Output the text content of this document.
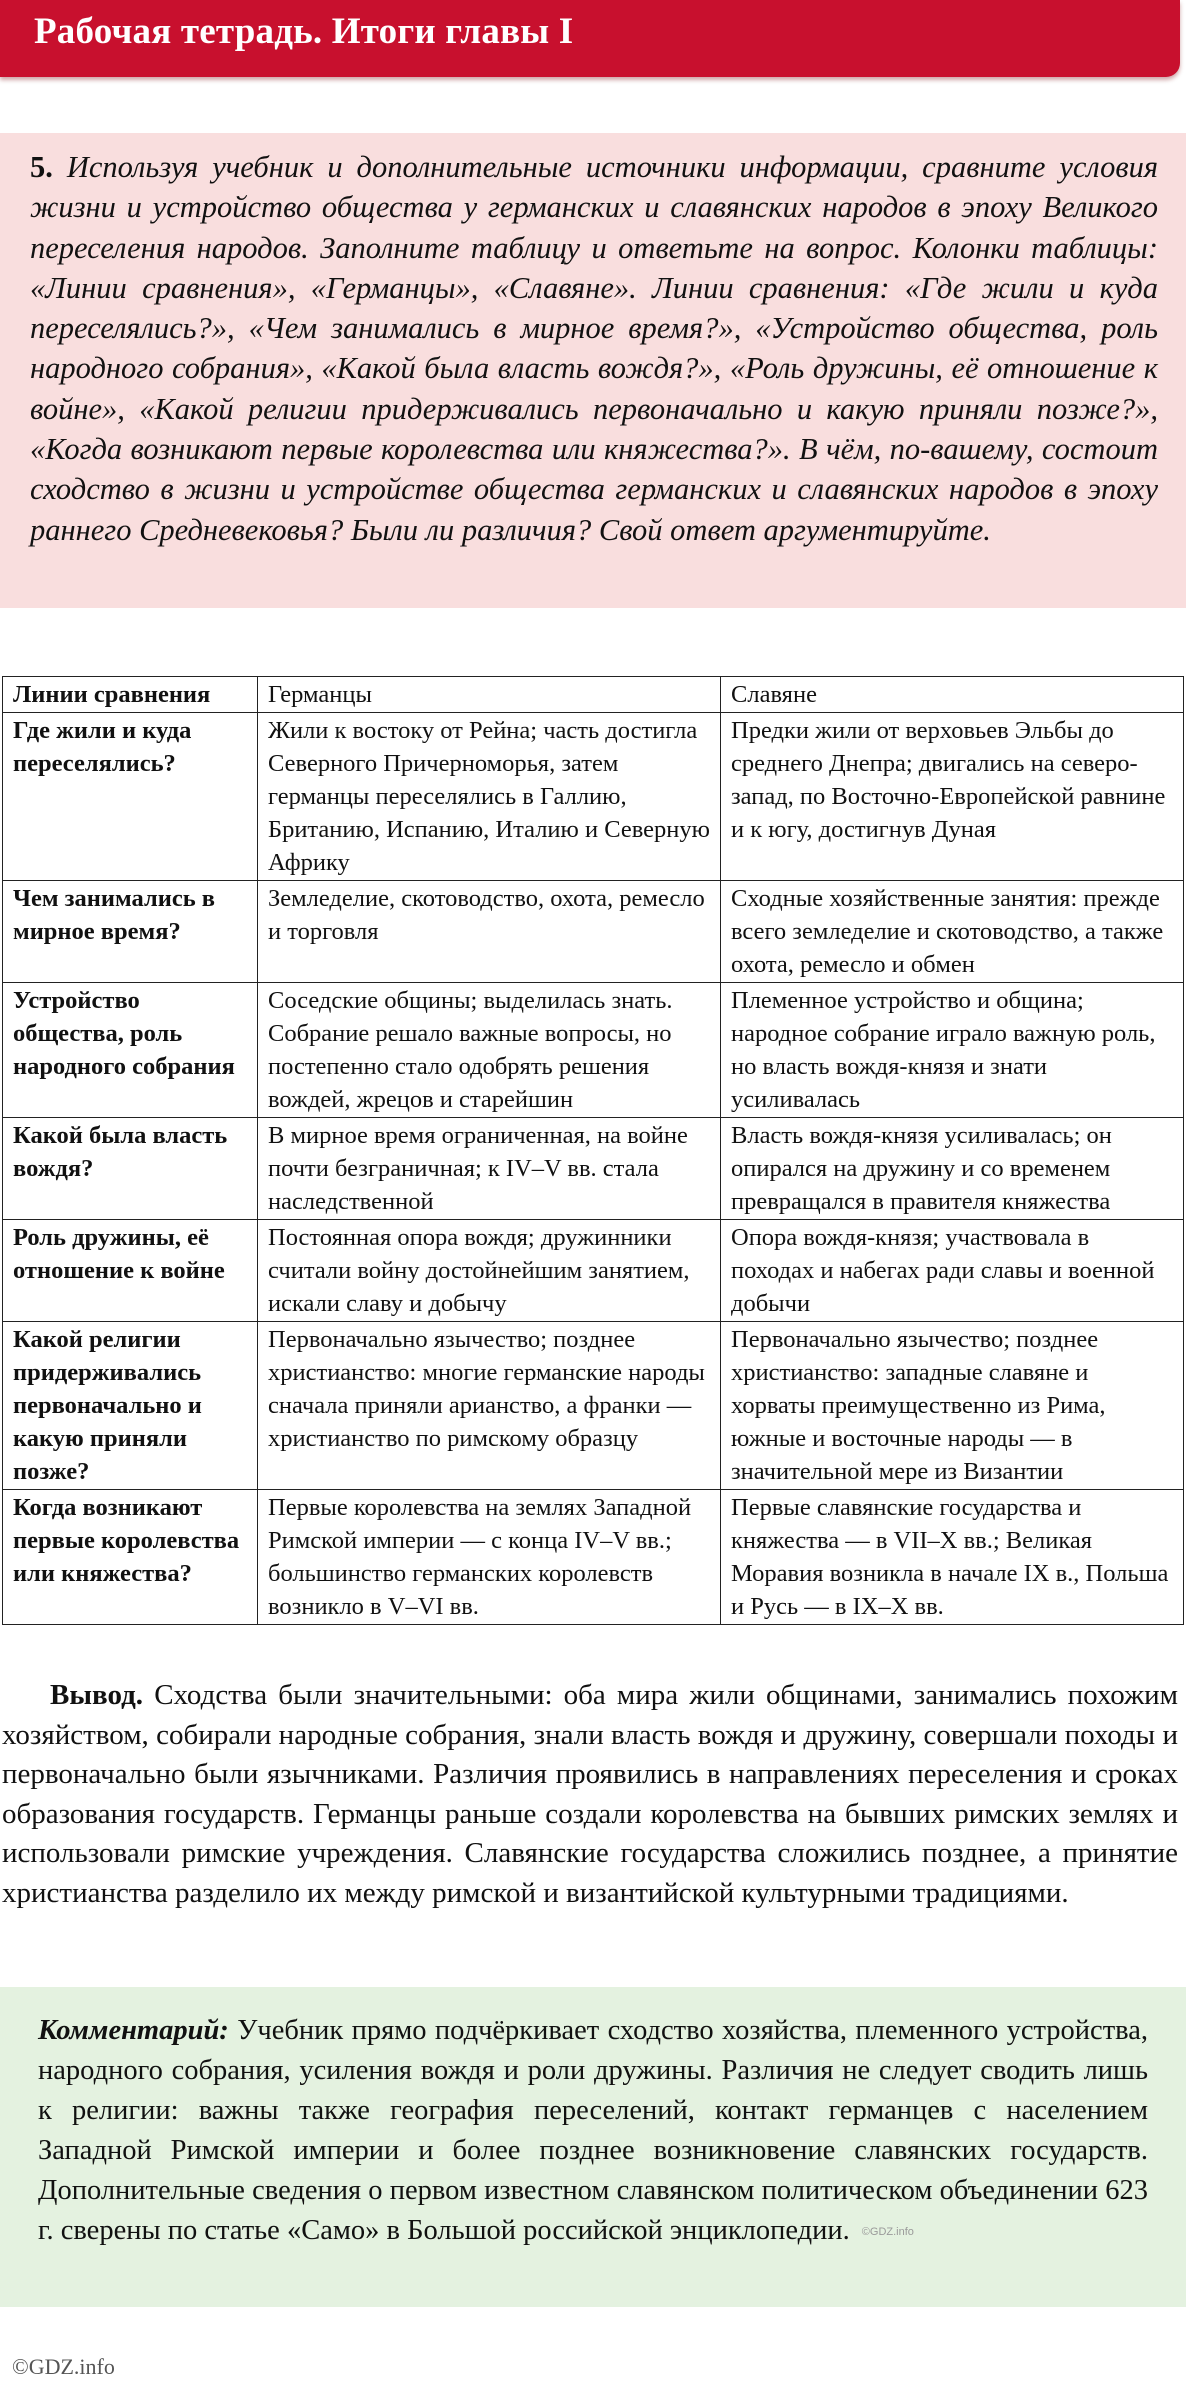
Рабочая тетрадь. Итоги главы I

5. Используя учебник и дополнительные источники информации, сравните условия жизни и устройство общества у германских и славянских народов в эпоху Великого переселения народов. Заполните таблицу и ответьте на вопрос. Колонки таблицы: «Линии сравнения», «Германцы», «Славяне». Линии сравнения: «Где жили и куда переселялись?», «Чем занимались в мирное время?», «Устройство общества, роль народного собрания», «Какой была власть вождя?», «Роль дружины, её отношение к войне», «Какой религии придерживались первоначально и какую приняли позже?», «Когда возникают первые королевства или княжества?». В чём, по-вашему, состоит сходство в жизни и устройстве общества германских и славянских народов в эпоху раннего Средневековья? Были ли различия? Свой ответ аргументируйте.

Линии сравнения	Германцы	Славяне
Где жили и куда переселялись?	Жили к востоку от Рейна; часть достигла Северного Причерноморья, затем германцы переселялись в Галлию, Британию, Испанию, Италию и Северную Африку	Предки жили от верховьев Эльбы до среднего Днепра; двигались на северо-запад, по Восточно-Европейской равнине и к югу, достигнув Дуная
Чем занимались в мирное время?	Земледелие, скотоводство, охота, ремесло и торговля	Сходные хозяйственные занятия: прежде всего земледелие и скотоводство, а также охота, ремесло и обмен
Устройство общества, роль народного собрания	Соседские общины; выделилась знать. Собрание решало важные вопросы, но постепенно стало одобрять решения вождей, жрецов и старейшин	Племенное устройство и община; народное собрание играло важную роль, но власть вождя-князя и знати усиливалась
Какой была власть вождя?	В мирное время ограниченная, на войне почти безграничная; к IV–V вв. стала наследственной	Власть вождя-князя усиливалась; он опирался на дружину и со временем превращался в правителя княжества
Роль дружины, её отношение к войне	Постоянная опора вождя; дружинники считали войну достойнейшим занятием, искали славу и добычу	Опора вождя-князя; участвовала в походах и набегах ради славы и военной добычи
Какой религии придерживались первоначально и какую приняли позже?	Первоначально язычество; позднее христианство: многие германские народы сначала приняли арианство, а франки — христианство по римскому образцу	Первоначально язычество; позднее христианство: западные славяне и хорваты преимущественно из Рима, южные и восточные народы — в значительной мере из Византии
Когда возникают первые королевства или княжества?	Первые королевства на землях Западной Римской империи — с конца IV–V вв.; большинство германских королевств возникло в V–VI вв.	Первые славянские государства и княжества — в VII–X вв.; Великая Моравия возникла в начале IX в., Польша и Русь — в IX–X вв.

Вывод. Сходства были значительными: оба мира жили общинами, занимались похожим хозяйством, собирали народные собрания, знали власть вождя и дружину, совершали походы и первоначально были язычниками. Различия проявились в направлениях переселения и сроках образования государств. Германцы раньше создали королевства на бывших римских землях и использовали римские учреждения. Славянские государства сложились позднее, а принятие христианства разделило их между римской и византийской культурными традициями.

Комментарий: Учебник прямо подчёркивает сходство хозяйства, племенного устройства, народного собрания, усиления вождя и роли дружины. Различия не следует сводить лишь к религии: важны также география переселений, контакт германцев с населением Западной Римской империи и более позднее возникновение славянских государств. Дополнительные сведения о первом известном славянском политическом объединении 623 г. сверены по статье «Само» в Большой российской энциклопедии. ©GDZ.info

©GDZ.info
